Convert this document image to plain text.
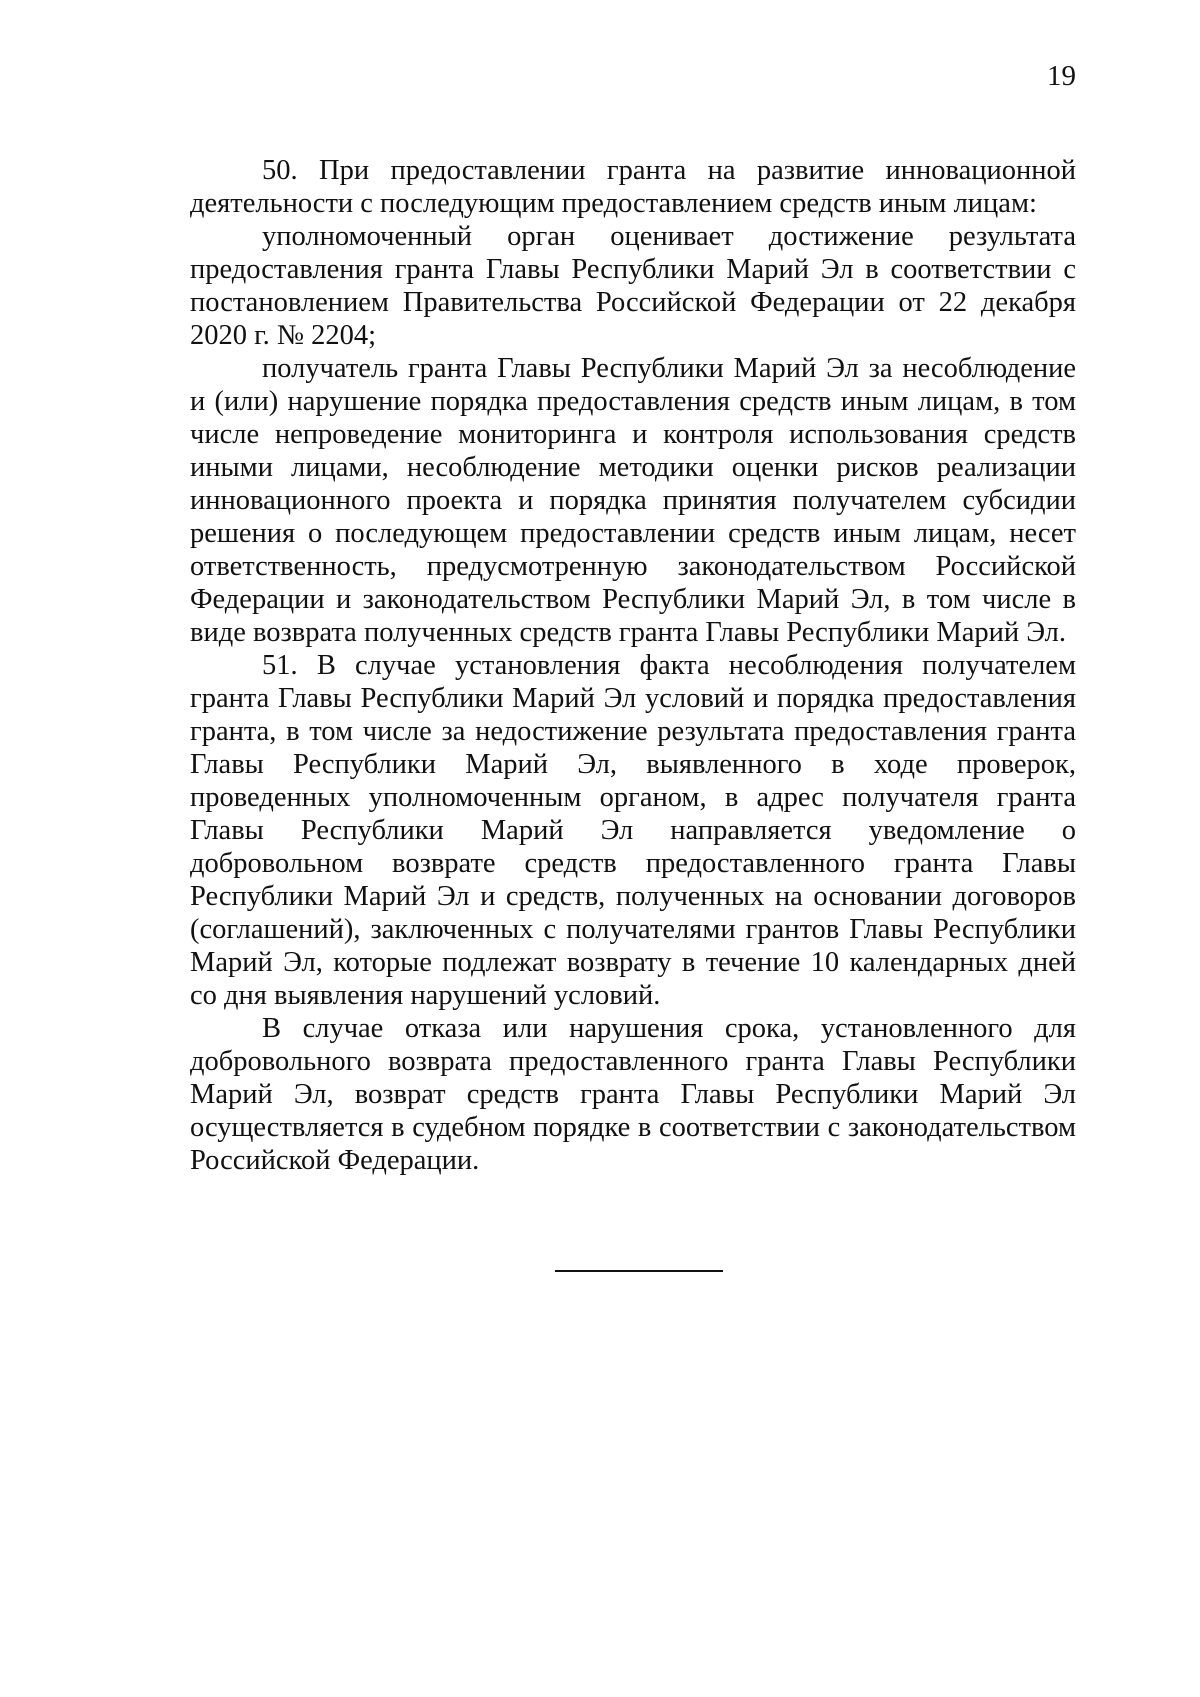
19

50. При предоставлении гранта на развитие инновационной деятельности с последующим предоставлением средств иным лицам:

уполномоченный орган оценивает достижение результата предоставления гранта Главы Республики Марий Эл в соответствии с постановлением Правительства Российской Федерации от 22 декабря 2020 г. № 2204;

получатель гранта Главы Республики Марий Эл за несоблюдение и (или) нарушение порядка предоставления средств иным лицам, в том числе непроведение мониторинга и контроля использования средств иными лицами, несоблюдение методики оценки рисков реализации инновационного проекта и порядка принятия получателем субсидии решения о последующем предоставлении средств иным лицам, несет ответственность, предусмотренную законодательством Российской Федерации и законодательством Республики Марий Эл, в том числе в виде возврата полученных средств гранта Главы Республики Марий Эл.

51. В случае установления факта несоблюдения получателем гранта Главы Республики Марий Эл условий и порядка предоставления гранта, в том числе за недостижение результата предоставления гранта Главы Республики Марий Эл, выявленного в ходе проверок, проведенных уполномоченным органом, в адрес получателя гранта Главы Республики Марий Эл направляется уведомление о добровольном возврате средств предоставленного гранта Главы Республики Марий Эл и средств, полученных на основании договоров (соглашений), заключенных с получателями грантов Главы Республики Марий Эл, которые подлежат возврату в течение 10 календарных дней со дня выявления нарушений условий.

В случае отказа или нарушения срока, установленного для добровольного возврата предоставленного гранта Главы Республики Марий Эл, возврат средств гранта Главы Республики Марий Эл осуществляется в судебном порядке в соответствии с законодательством Российской Федерации.
